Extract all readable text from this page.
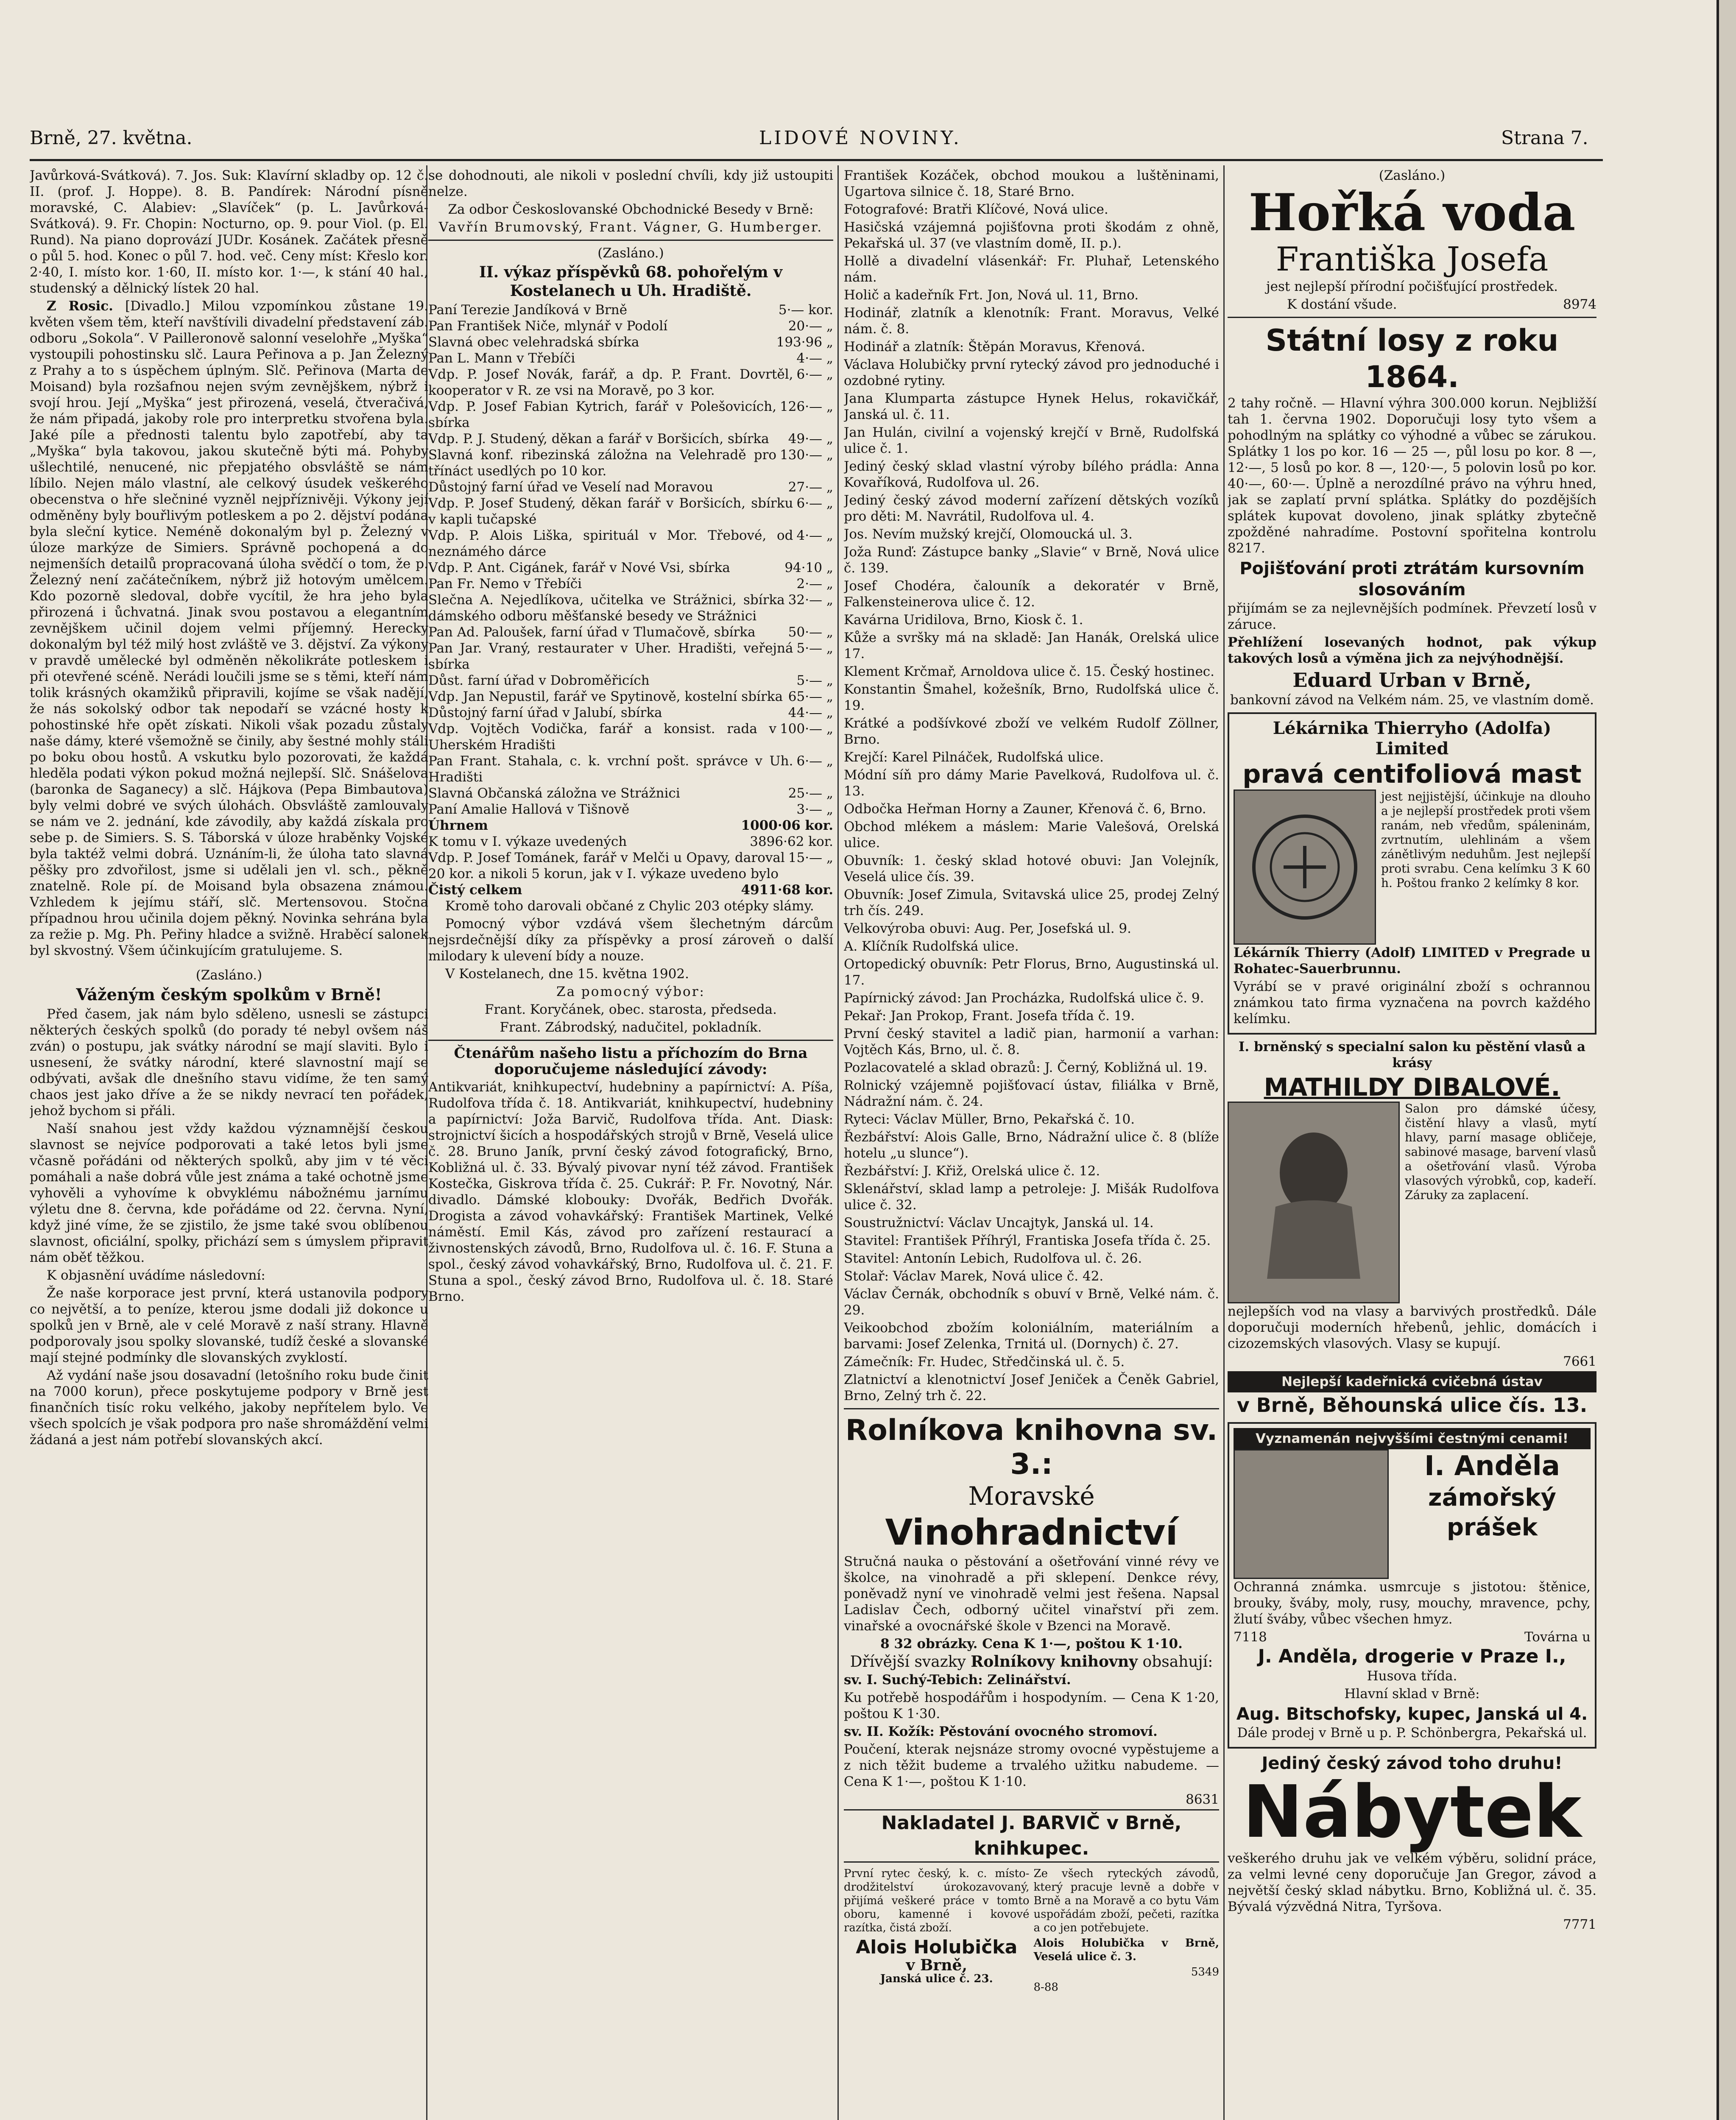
Brně, 27. května.	LIDOVÉ NOVINY.	Strana 7.

Javůrková-Svátková). 7. Jos. Suk: Klavírní skladby op. 12 č. II. (prof. J. Hoppe). 8. B. Pandírek: Národní písně moravské, C. Alabiev: „Slavíček“ (p. L. Javůrková-Svátková). 9. Fr. Chopin: Nocturno, op. 9. pour Viol. (p. El. Rund). Na piano doprovází JUDr. Kosánek. Začátek přesně o půl 5. hod. Konec o půl 7. hod. več. Ceny míst: Křeslo kor. 2·40, I. místo kor. 1·60, II. místo kor. 1·—, k stání 40 hal., studenský a dělnický lístek 20 hal.

Z Rosic. [Divadlo.] Milou vzpomínkou zůstane 19. květen všem těm, kteří navštívili divadelní představení záb. odboru „Sokola“. V Pailleronově salonní veselohře „Myška“ vystoupili pohostinsku slč. Laura Peřinova a p. Jan Železný z Prahy a to s úspěchem úplným. Slč. Peřinova (Marta de Moisand) byla rozšafnou nejen svým zevnějškem, nýbrž i svojí hrou. Její „Myška“ jest přirozená, veselá, čtveračivá, že nám připadá, jakoby role pro interpretku stvořena byla. Jaké píle a přednosti talentu bylo zapotřebí, aby ta „Myška“ byla takovou, jakou skutečně býti má. Pohyby ušlechtilé, nenucené, nic přepjatého obsvláště se nám líbilo. Nejen málo vlastní, ale celkový úsudek veškerého obecenstva o hře slečniné vyzněl nejpříznivěji. Výkony její odměněny byly bouřlivým potleskem a po 2. dějství podána byla sleční kytice. Neméně dokonalým byl p. Železný v úloze markýze de Simiers. Správně pochopená a do nejmenších detailů propracovaná úloha svědčí o tom, že p. Železný není začátečníkem, nýbrž již hotovým umělcem. Kdo pozorně sledoval, dobře vycítil, že hra jeho byla přirozená i ůchvatná. Jinak svou postavou a elegantním zevnějškem učinil dojem velmi příjemný. Herecky dokonalým byl též milý host zvláště ve 3. dějství. Za výkony v pravdě umělecké byl odměněn několikráte potleskem i při otevřené scéně. Nerádi loučili jsme se s těmi, kteří nám tolik krásných okamžiků připravili, kojíme se však nadějí, že nás sokolský odbor tak nepodaří se vzácné hosty k pohostinské hře opět získati. Nikoli však pozadu zůstaly naše dámy, které všemožně se činily, aby šestné mohly stáli po boku obou hostů. A vskutku bylo pozorovati, že každá hleděla podati výkon pokud možná nejlepší. Slč. Snášelova (baronka de Saganecy) a slč. Hájkova (Pepa Bimbautova) byly velmi dobré ve svých úlohách. Obsvláště zamlouvaly se nám ve 2. jednání, kde závodily, aby každá získala pro sebe p. de Simiers. S. S. Táborská v úloze hraběnky Vojské byla taktéž velmi dobrá. Uznáním-li, že úloha tato slavná pěšky pro zdvořilost, jsme si udělali jen vl. sch., pěkně znatelně. Role pí. de Moisand byla obsazena známou. Vzhledem k jejímu stáří, slč. Mertensovou. Stočna případnou hrou učinila dojem pěkný. Novinka sehrána byla za režie p. Mg. Ph. Peřiny hladce a svižně. Hraběcí salonek byl skvostný. Všem účinkujícím gratulujeme. S.

(Zasláno.)

Váženým českým spolkům v Brně!

Před časem, jak nám bylo sděleno, usnesli se zástupci některých českých spolků (do porady té nebyl ovšem náš zván) o postupu, jak svátky národní se mají slaviti. Bylo i usnesení, že svátky národní, které slavnostní mají se odbývati, avšak dle dnešního stavu vidíme, že ten samý chaos jest jako dříve a že se nikdy nevrací ten pořádek, jehož bychom si přáli.

Naší snahou jest vždy každou významnější českou slavnost se nejvíce podporovati a také letos byli jsme včasně pořádáni od některých spolků, aby jim v té věci pomáhali a naše dobrá vůle jest známa a také ochotně jsme vyhověli a vyhovíme k obvyklému nábožnému jarnímu výletu dne 8. června, kde pořádáme od 22. června. Nyní, když jiné víme, že se zjistilo, že jsme také svou oblíbenou slavnost, oficiální, spolky, přichází sem s úmyslem připravit nám oběť těžkou.

K objasnění uvádíme následovní:

Že naše korporace jest první, která ustanovila podpory co největší, a to peníze, kterou jsme dodali již dokonce u spolků jen v Brně, ale v celé Moravě z naší strany. Hlavně podporovaly jsou spolky slovanské, tudíž české a slovanské mají stejné podmínky dle slovanských zvyklostí.

Až vydání naše jsou dosavadní (letošního roku bude činit na 7000 korun), přece poskytujeme podpory v Brně jest finančních tisíc roku velkého, jakoby nepřítelem bylo. Ve všech spolcích je však podpora pro naše shromáždění velmi žádaná a jest nám potřebí slovanských akcí.

se dohodnouti, ale nikoli v poslední chvíli, kdy již ustoupiti nelze.

Za odbor Českoslovanské Obchodnické Besedy v Brně:

Vavřín Brumovský, Frant. Vágner, G. Humberger.

(Zasláno.)

II. výkaz příspěvků 68. pohořelým v Kostelanech u Uh. Hradiště.

Paní Terezie Jandíková v Brně	5·— kor.
Pan František Niče, mlynář v Podolí	20·— „
Slavná obec velehradská sbírka	193·96 „
Pan L. Mann v Třebíči	4·— „
Vdp. P. Josef Novák, farář, a dp. P. Frant. Dovrtěl, kooperator v R. ze vsi na Moravě, po 3 kor.
6·— „
Vdp. P. Josef Fabian Kytrich, farář v Polešovicích, sbírka
126·— „
Vdp. P. J. Studený, děkan a farář v Boršicích, sbírka 49·— „
Slavná konf. ribezinská záložna na Velehradě pro třínáct usedlých po 10 kor.
130·— „
Důstojný farní úřad ve Veselí nad Moravou	27·— „
Vdp. P. Josef Studený, děkan farář v Boršicích, sbírku v kapli tučapské
6·— „
Vdp. P. Alois Liška, spirituál v Mor. Třebové, od neznámého dárce
4·— „
Vdp. P. Ant. Cigánek, farář v Nové Vsi, sbírka	94·10 „
Pan Fr. Nemo v Třebíči	2·— „
Slečna A. Nejedlíkova, učitelka ve Strážnici, sbírka dámského odboru měšťanské besedy ve Strážnici
32·— „
Pan Ad. Paloušek, farní úřad v Tlumačově, sbírka 50·— „
Pan Jar. Vraný, restaurater v Uher. Hradišti, veřejná sbírka
5·— „
Důst. farní úřad v Dobroměřicích	5·— „
Vdp. Jan Nepustil, farář ve Spytinově, kostelní sbírka 65·— „
Důstojný farní úřad v Jalubí, sbírka	44·— „
Vdp. Vojtěch Vodička, farář a konsist. rada v Uherském Hradišti
100·— „
Pan Frant. Stahala, c. k. vrchní pošt. správce v Uh. Hradišti
6·— „
Slavná Občanská záložna ve Strážnici	25·— „
Paní Amalie Hallová v Tišnově	3·— „
Úhrnem	1000·06 kor.
K tomu v I. výkaze uvedených	3896·62 kor.
Vdp. P. Josef Tománek, farář v Melči u Opavy, daroval 20 kor. a nikoli 5 korun, jak v I. výkaze uvedeno bylo
15·— „
Čistý celkem	4911·68 kor.

Kromě toho darovali občané z Chylic 203 otépky slámy.

Pomocný výbor vzdává všem šlechetným dárcům nejsrdečnější díky za příspěvky a prosí zároveň o další milodary k ulevení bídy a nouze.

V Kostelanech, dne 15. května 1902.

Za pomocný výbor:

Frant. Koryčánek, obec. starosta, předseda.

Frant. Zábrodský, nadučitel, pokladník.

Čtenářům našeho listu a příchozím do Brna doporučujeme následující závody:

Antikvariát, knihkupectví, hudebniny a papírnictví: A. Píša, Rudolfova třída č. 18. Antikvariát, knihkupectví, hudebniny a papírnictví: Joža Barvič, Rudolfova třída. Ant. Diask: strojnictví šicích a hospodářských strojů v Brně, Veselá ulice č. 28. Bruno Janík, první český závod fotografický, Brno, Kobližná ul. č. 33. Bývalý pivovar nyní též závod. František Kostečka, Giskrova třída č. 25. Cukrář: P. Fr. Novotný, Nár. divadlo. Dámské klobouky: Dvořák, Bedřich Dvořák. Drogista a závod vohavkářský: František Martinek, Velké náměstí. Emil Kás, závod pro zařízení restaurací a živnostenských závodů, Brno, Rudolfova ul. č. 16. F. Stuna a spol., český závod vohavkářský, Brno, Rudolfova ul. č. 21. F. Stuna a spol., český závod Brno, Rudolfova ul. č. 18. Staré Brno.

František Kozáček, obchod moukou a luštěninami, Ugartova silnice č. 18, Staré Brno.

Fotografové: Bratři Klíčové, Nová ulice.

Hasičská vzájemná pojišťovna proti škodám z ohně, Pekařská ul. 37 (ve vlastním domě, II. p.).

Hollě a divadelní vlásenkář: Fr. Pluhař, Letenského nám.

Holič a kadeřník Frt. Jon, Nová ul. 11, Brno.

Hodinář, zlatník a klenotník: Frant. Moravus, Velké nám. č. 8.

Hodinář a zlatník: Štěpán Moravus, Křenová.

Václava Holubičky první rytecký závod pro jednoduché i ozdobné rytiny.

Jana Klumparta zástupce Hynek Helus, rokavičkář, Janská ul. č. 11.

Jan Hulán, civilní a vojenský krejčí v Brně, Rudolfská ulice č. 1.

Jediný český sklad vlastní výroby bílého prádla: Anna Kovaříková, Rudolfova ul. 26.

Jediný český závod moderní zařízení dětských vozíků pro děti: M. Navrátil, Rudolfova ul. 4.

Jos. Nevím mužský krejčí, Olomoucká ul. 3.

Joža Runď: Zástupce banky „Slavie“ v Brně, Nová ulice č. 139.

Josef Chodéra, čalouník a dekoratér v Brně, Falkensteinerova ulice č. 12.

Kavárna Uridilova, Brno, Kiosk č. 1.

Kůže a svršky má na skladě: Jan Hanák, Orelská ulice 17.

Klement Krčmař, Arnoldova ulice č. 15. Český hostinec.

Konstantin Šmahel, kožešník, Brno, Rudolfská ulice č. 19.

Krátké a podšívkové zboží ve velkém Rudolf Zöllner, Brno.

Krejčí: Karel Pilnáček, Rudolfská ulice.

Módní síň pro dámy Marie Pavelková, Rudolfova ul. č. 13.

Odbočka Heřman Horny a Zauner, Křenová č. 6, Brno.

Obchod mlékem a máslem: Marie Valešová, Orelská ulice.

Obuvník: 1. český sklad hotové obuvi: Jan Volejník, Veselá ulice čís. 39.

Obuvník: Josef Zimula, Svitavská ulice 25, prodej Zelný trh čís. 249.

Velkovýroba obuvi: Aug. Per, Josefská ul. 9.

A. Klíčník Rudolfská ulice.

Ortopedický obuvník: Petr Florus, Brno, Augustinská ul. 17.

Papírnický závod: Jan Procházka, Rudolfská ulice č. 9.

Pekař: Jan Prokop, Frant. Josefa třída č. 19.

První český stavitel a ladič pian, harmonií a varhan: Vojtěch Kás, Brno, ul. č. 8.

Pozlacovatelé a sklad obrazů: J. Černý, Kobližná ul. 19.

Rolnický vzájemně pojišťovací ústav, filiálka v Brně, Nádražní nám. č. 24.

Ryteci: Václav Müller, Brno, Pekařská č. 10.

Řezbářství: Alois Galle, Brno, Nádražní ulice č. 8 (blíže hotelu „u slunce“).

Řezbářství: J. Křiž, Orelská ulice č. 12.

Sklenářství, sklad lamp a petroleje: J. Mišák Rudolfova ulice č. 32.

Soustružnictví: Václav Uncajtyk, Janská ul. 14.

Stavitel: František Příhrýl, Frantiska Josefa třída č. 25.

Stavitel: Antonín Lebich, Rudolfova ul. č. 26.

Stolař: Václav Marek, Nová ulice č. 42.

Václav Černák, obchodník s obuví v Brně, Velké nám. č. 29.

Veikoobchod zbožím koloniálním, materiálním a barvami: Josef Zelenka, Trnitá ul. (Dornych) č. 27.

Zámečník: Fr. Hudec, Středčinská ul. č. 5.

Zlatnictví a klenotnictví Josef Jeniček a Čeněk Gabriel, Brno, Zelný trh č. 22.

Rolníkova knihovna sv. 3.:
Moravské
Vinohradnictví

Stručná nauka o pěstování a ošetřování vinné révy ve školce, na vinohradě a při sklepení. Denkce révy, poněvadž nyní ve vinohradě velmi jest řešena. Napsal Ladislav Čech, odborný učitel vinařství při zem. vinařské a ovocnářské škole v Bzenci na Moravě.

8 32 obrázky. Cena K 1·—, poštou K 1·10.

Dřívější svazky Rolníkovy knihovny obsahují:

sv. I. Suchý-Tebich: Zelinářství.

Ku potřebě hospodářům i hospodyním. — Cena K 1·20, poštou K 1·30.

sv. II. Kožík: Pěstování ovocného stromoví.

Poučení, kterak nejsnáze stromy ovocné vypěstujeme a z nich těžit budeme a trvalého užitku nabudeme. — Cena K 1·—, poštou K 1·10.

8631

Nakladatel J. BARVIČ v Brně, knihkupec.

První rytec český, k. c. místo-drodžitelství úrokozavovaný, přijímá veškeré práce v tomto oboru, kamenné i kovové razítka, čistá zboží.

Alois Holubička
v Brně,
Janská ulice č. 23.

Ze všech ryteckých závodů, který pracuje levně a dobře v Brně a na Moravě a co bytu Vám uspořádám zboží, pečeti, razítka a co jen potřebujete.

Alois Holubička v Brně, Veselá ulice č. 3.

5349

8-88

(Zasláno.)

Hořká voda
Františka Josefa

jest nejlepší přírodní počišťující prostředek.

K dostání všude.	8974
Státní losy z roku 1864.

2 tahy ročně. — Hlavní výhra 300.000 korun. Nejbližší tah 1. června 1902. Doporučuji losy tyto všem a pohodlným na splátky co výhodné a vůbec se zárukou. Splátky 1 los po kor. 16 — 25 —, půl losu po kor. 8 —, 12·—, 5 losů po kor. 8 —, 120·—, 5 polovin losů po kor. 40·—, 60·—. Úplně a nerozdílné právo na výhru hned, jak se zaplatí první splátka. Splátky do pozdějších splátek kupovat dovoleno, jinak splátky zbytečně zpožděné nahradíme. Postovní spořitelna kontrolu 8217.

Pojišťování proti ztrátám kursovním slosováním

přijímám se za nejlevnějších podmínek. Převzetí losů v záruce.

Přehlížení losevaných hodnot, pak výkup takových losů a výměna jich za nejvýhodnější.

Eduard Urban v Brně,

bankovní závod na Velkém nám. 25, ve vlastním domě.

Lékárnika Thierryho (Adolfa) Limited
pravá centifoliová mast

jest nejjistější, účinkuje na dlouho a je nejlepší prostředek proti všem ranám, neb vředům, spáleninám, zvrtnutím, ulehlinám a všem zánětlivým neduhům. Jest nejlepší proti svrabu. Cena kelímku 3 K 60 h. Poštou franko 2 kelímky 8 kor.

Lékárník Thierry (Adolf) LIMITED v Pregrade u Rohatec-Sauerbrunnu.

Vyrábí se v pravé originální zboží s ochrannou známkou tato firma vyznačena na povrch každého kelímku.

I. brněnský s specialní salon ku pěstění vlasů a krásy

MATHILDY DIBALOVÉ.

Salon pro dámské účesy, čistění hlavy a vlasů, mytí hlavy, parní masage obličeje, sabinové masage, barvení vlasů a ošetřování vlasů. Výroba vlasových výrobků, cop, kadeří. Záruky za zaplacení.

nejlepších vod na vlasy a barvivých prostředků. Dále doporučuji moderních hřebenů, jehlic, domácích i cizozemských vlasových. Vlasy se kupují.

7661

Nejlepší kadeřnická cvičebná ústav
v Brně, Běhounská ulice čís. 13.
Vyznamenán nejvyššími čestnými cenami!
I. Anděla
zámořský prášek

Ochranná známka. usmrcuje s jistotou: štěnice, brouky, šváby, moly, rusy, mouchy, mravence, pchy, žlutí šváby, vůbec všechen hmyz.

7118	Továrna u
J. Anděla, drogerie v Praze I.,

Husova třída.

Hlavní sklad v Brně:

Aug. Bitschofsky, kupec, Janská ul 4.

Dále prodej v Brně u p. P. Schönbergra, Pekařská ul.

Jediný český závod toho druhu!
Nábytek

veškerého druhu jak ve velkém výběru, solidní práce, za velmi levné ceny doporučuje Jan Gregor, závod a největší český sklad nábytku. Brno, Kobližná ul. č. 35. Bývalá výzvědná Nitra, Tyršova.

7771
